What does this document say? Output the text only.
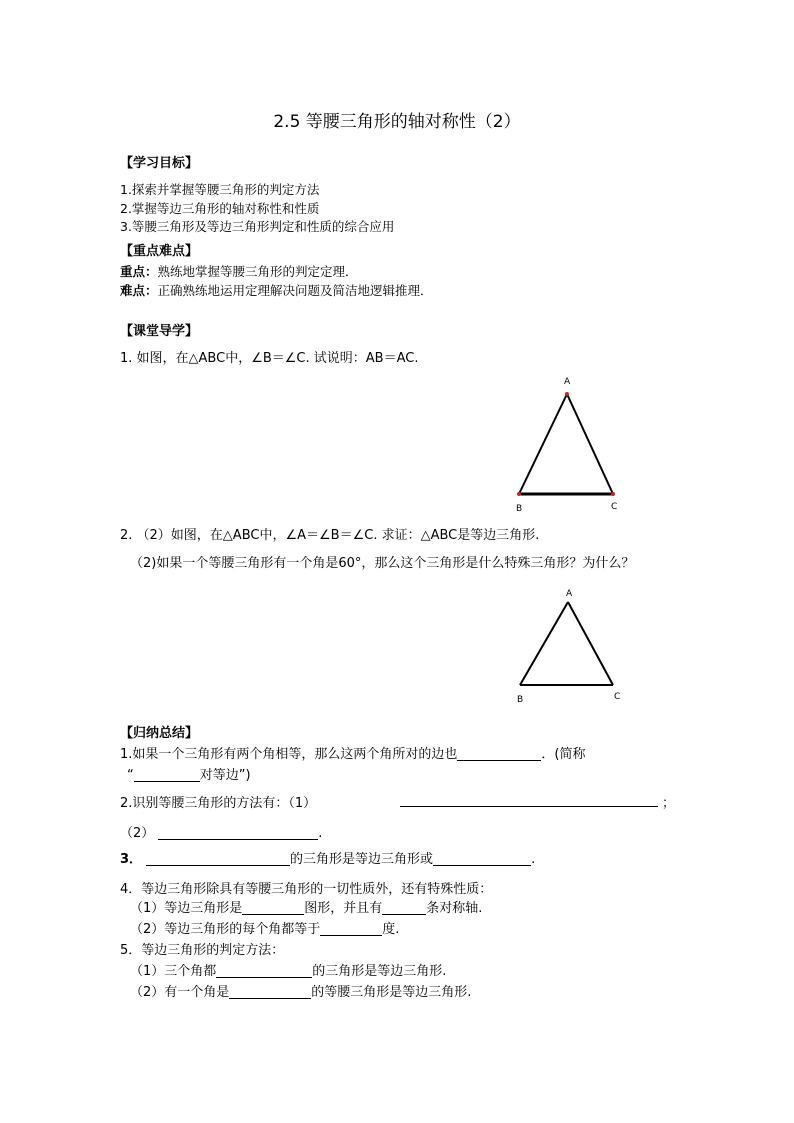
2.5 等腰三角形的轴对称性（2）
【学习目标】
1.探索并掌握等腰三角形的判定方法
2.掌握等边三角形的轴对称性和性质
3.等腰三角形及等边三角形判定和性质的综合应用
【重点难点】
重点：熟练地掌握等腰三角形的判定定理．
难点：正确熟练地运用定理解决问题及简洁地逻辑推理．
【课堂导学】
1. 如图，在△ABC中，∠B＝∠C. 试说明：AB＝AC.
A
B	C
2. （2）如图，在△ABC中，∠A＝∠B＝∠C. 求证：△ABC是等边三角形.
（2)如果一个等腰三角形有一个角是60°，那么这个三角形是什么特殊三角形？为什么？
A
B	C
【归纳总结】
1.如果一个三角形有两个角相等，那么这两个角所对的边也	．(简称
“	对等边”)
2.识别等腰三角形的方法有：（1）	；
（2）	.
3．	的三角形是等边三角形或	.
4．等边三角形除具有等腰三角形的一切性质外，还有特殊性质：
（1）等边三角形是	图形，并且有	条对称轴.
（2）等边三角形的每个角都等于	度.
5．等边三角形的判定方法：
（1）三个角都	的三角形是等边三角形.
（2）有一个角是	的等腰三角形是等边三角形.
